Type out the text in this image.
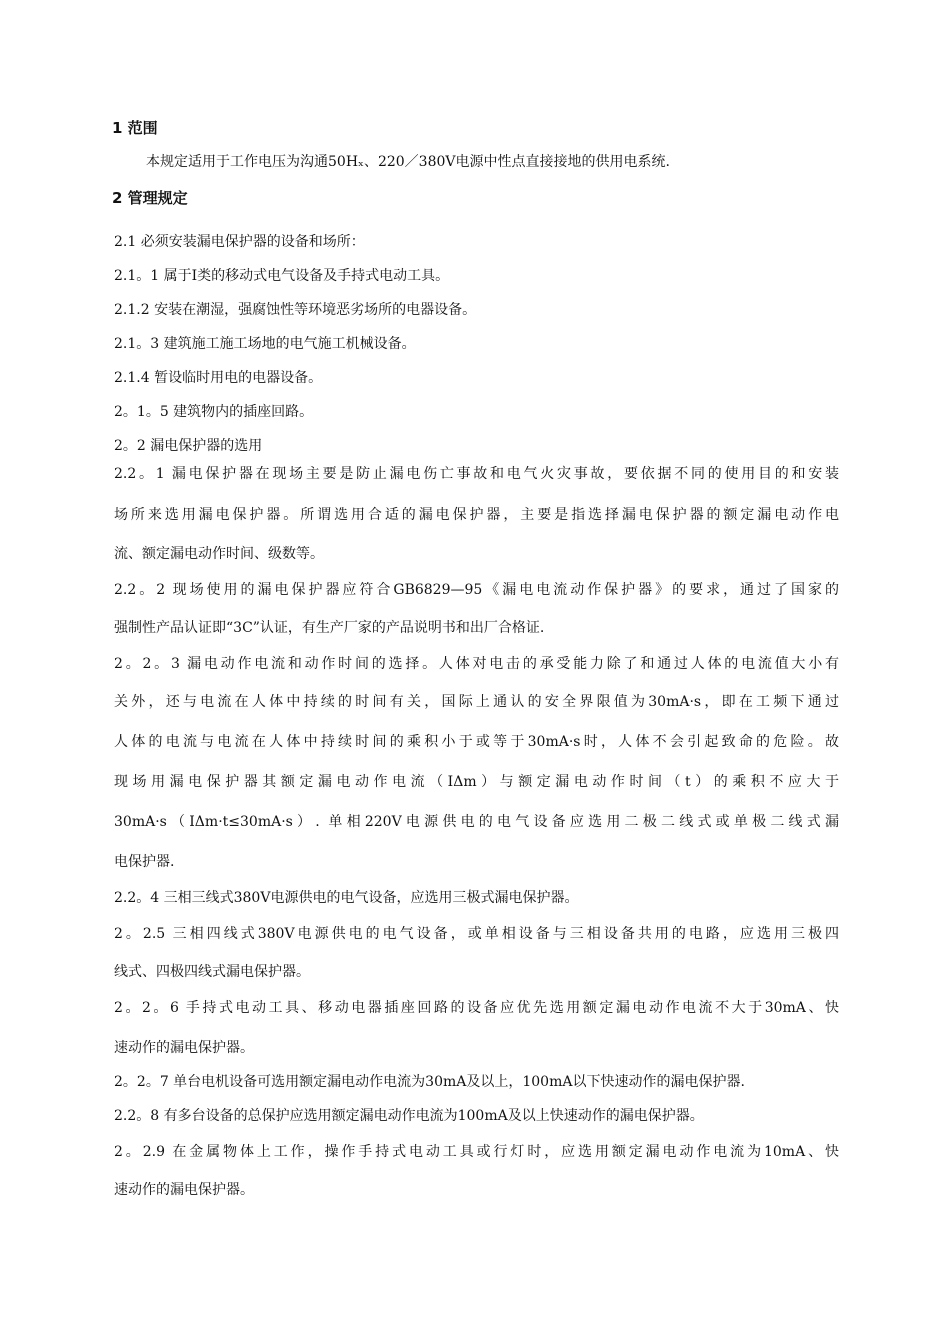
1 范围
本规定适用于工作电压为沟通50Hₓ、220／380V电源中性点直接接地的供用电系统.
2 管理规定
2.1 必须安装漏电保护器的设备和场所：
2.1。1 属于Ⅰ类的移动式电气设备及手持式电动工具。
2.1.2 安装在潮湿，强腐蚀性等环境恶劣场所的电器设备。
2.1。3 建筑施工施工场地的电气施工机械设备。
2.1.4 暂设临时用电的电器设备。
2。1。5 建筑物内的插座回路。
2。2 漏电保护器的选用
2.2。1 漏电保护器在现场主要是防止漏电伤亡事故和电气火灾事故，要依据不同的使用目的和安装
场所来选用漏电保护器。所谓选用合适的漏电保护器，主要是指选择漏电保护器的额定漏电动作电
流、额定漏电动作时间、级数等。
2.2。2 现场使用的漏电保护器应符合GB6829—95《漏电电流动作保护器》的要求，通过了国家的
强制性产品认证即“3C”认证，有生产厂家的产品说明书和出厂合格证.
2。2。3 漏电动作电流和动作时间的选择。人体对电击的承受能力除了和通过人体的电流值大小有
关外，还与电流在人体中持续的时间有关，国际上通认的安全界限值为30mA·s，即在工频下通过
人体的电流与电流在人体中持续时间的乘积小于或等于30mA·s时，人体不会引起致命的危险。故
现场用漏电保护器其额定漏电动作电流（IΔm）与额定漏电动作时间（t）的乘积不应大于
30mA·s（IΔm·t≤30mA·s）. 单相220V电源供电的电气设备应选用二极二线式或单极二线式漏
电保护器.
2.2。4 三相三线式380V电源供电的电气设备，应选用三极式漏电保护器。
2。2.5 三相四线式380V电源供电的电气设备，或单相设备与三相设备共用的电路，应选用三极四
线式、四极四线式漏电保护器。
2。2。6 手持式电动工具、移动电器插座回路的设备应优先选用额定漏电动作电流不大于30mA、快
速动作的漏电保护器。
2。2。7 单台电机设备可选用额定漏电动作电流为30mA及以上，100mA以下快速动作的漏电保护器.
2.2。8 有多台设备的总保护应选用额定漏电动作电流为100mA及以上快速动作的漏电保护器。
2。2.9 在金属物体上工作，操作手持式电动工具或行灯时，应选用额定漏电动作电流为10mA、快
速动作的漏电保护器。
